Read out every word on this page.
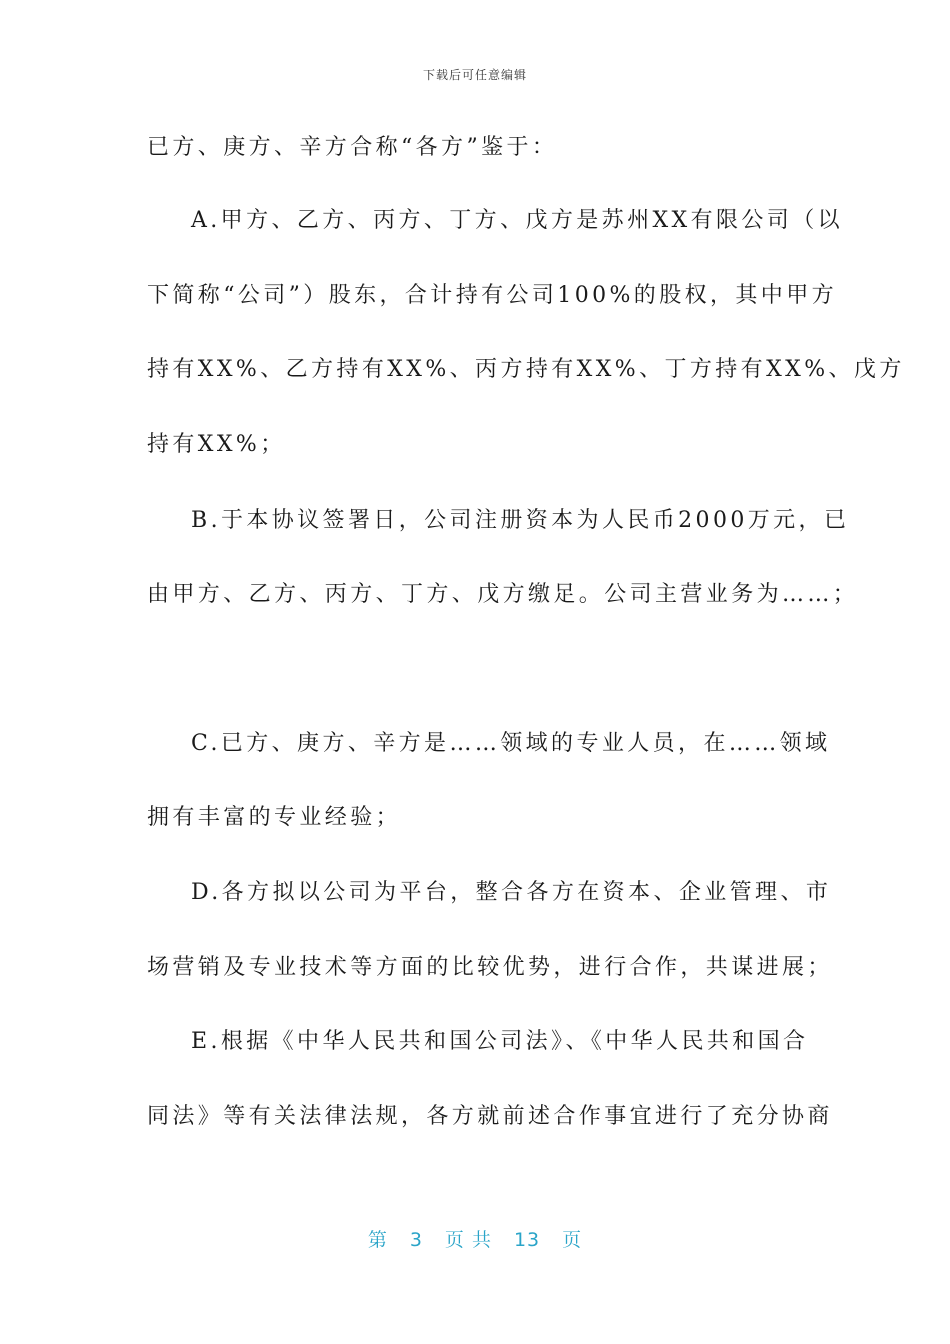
下载后可任意编辑
已方、庚方、辛方合称“各方”鉴于：
A.甲方、乙方、丙方、丁方、戊方是苏州XX有限公司（以
下简称“公司”）股东，合计持有公司100%的股权，其中甲方
持有XX%、乙方持有XX%、丙方持有XX%、丁方持有XX%、戊方
持有XX%；
B.于本协议签署日，公司注册资本为人民币2000万元，已
由甲方、乙方、丙方、丁方、戊方缴足。公司主营业务为……；
C.已方、庚方、辛方是……领域的专业人员，在……领域
拥有丰富的专业经验；
D.各方拟以公司为平台，整合各方在资本、企业管理、市
场营销及专业技术等方面的比较优势，进行合作，共谋进展；
E.根据《中华人民共和国公司法》、《中华人民共和国合
同法》等有关法律法规，各方就前述合作事宜进行了充分协商
第 3 页 共 13 页
